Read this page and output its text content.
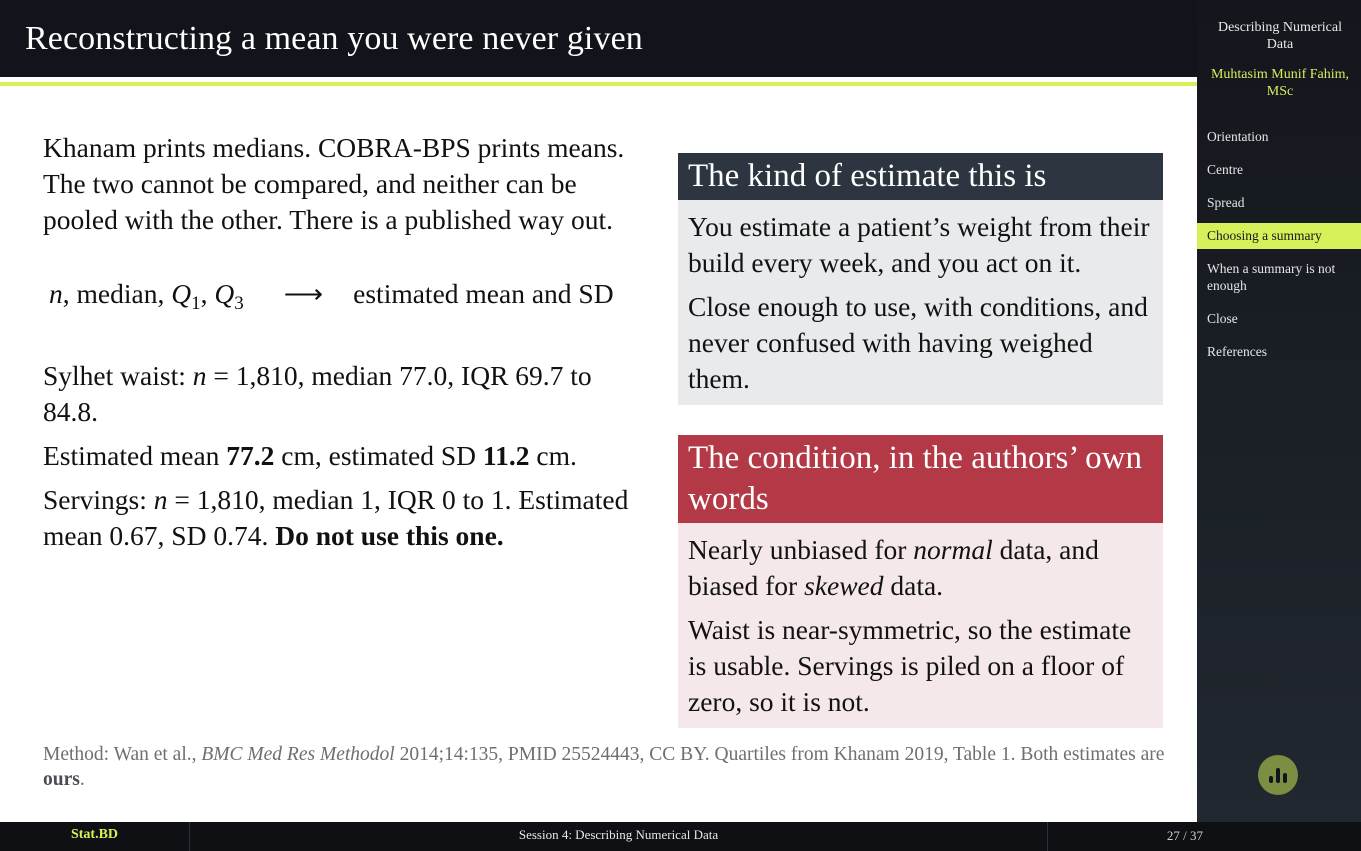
Reconstructing a mean you were never given

Khanam prints medians. COBRA-BPS prints means. The two cannot be compared, and neither can be pooled with the other. There is a published way out.

n, median, $Q_1$, $Q_3$	⟶	estimated mean and SD

Sylhet waist: n = 1,810, median 77.0, IQR 69.7 to 84.8.

Estimated mean 77.2 cm, estimated SD 11.2 cm.

Servings: n = 1,810, median 1, IQR 0 to 1. Estimated mean 0.67, SD 0.74. Do not use this one.

The kind of estimate this is

You estimate a patient’s weight from their build every week, and you act on it.

Close enough to use, with conditions, and never confused with having weighed them.

The condition, in the authors’ own words

Nearly unbiased for normal data, and biased for skewed data.

Waist is near-symmetric, so the estimate is usable. Servings is piled on a floor of zero, so it is not.

Method: Wan et al., BMC Med Res Methodol 2014;14:135, PMID 25524443, CC BY. Quartiles from Khanam 2019, Table 1. Both estimates are ours.
Describing Numerical Data
Muhtasim Munif Fahim, MSc
Orientation
Centre
Spread
Choosing a summary
When a summary is not enough
Close
References
Stat.BD	Session 4: Describing Numerical Data	27 / 37
